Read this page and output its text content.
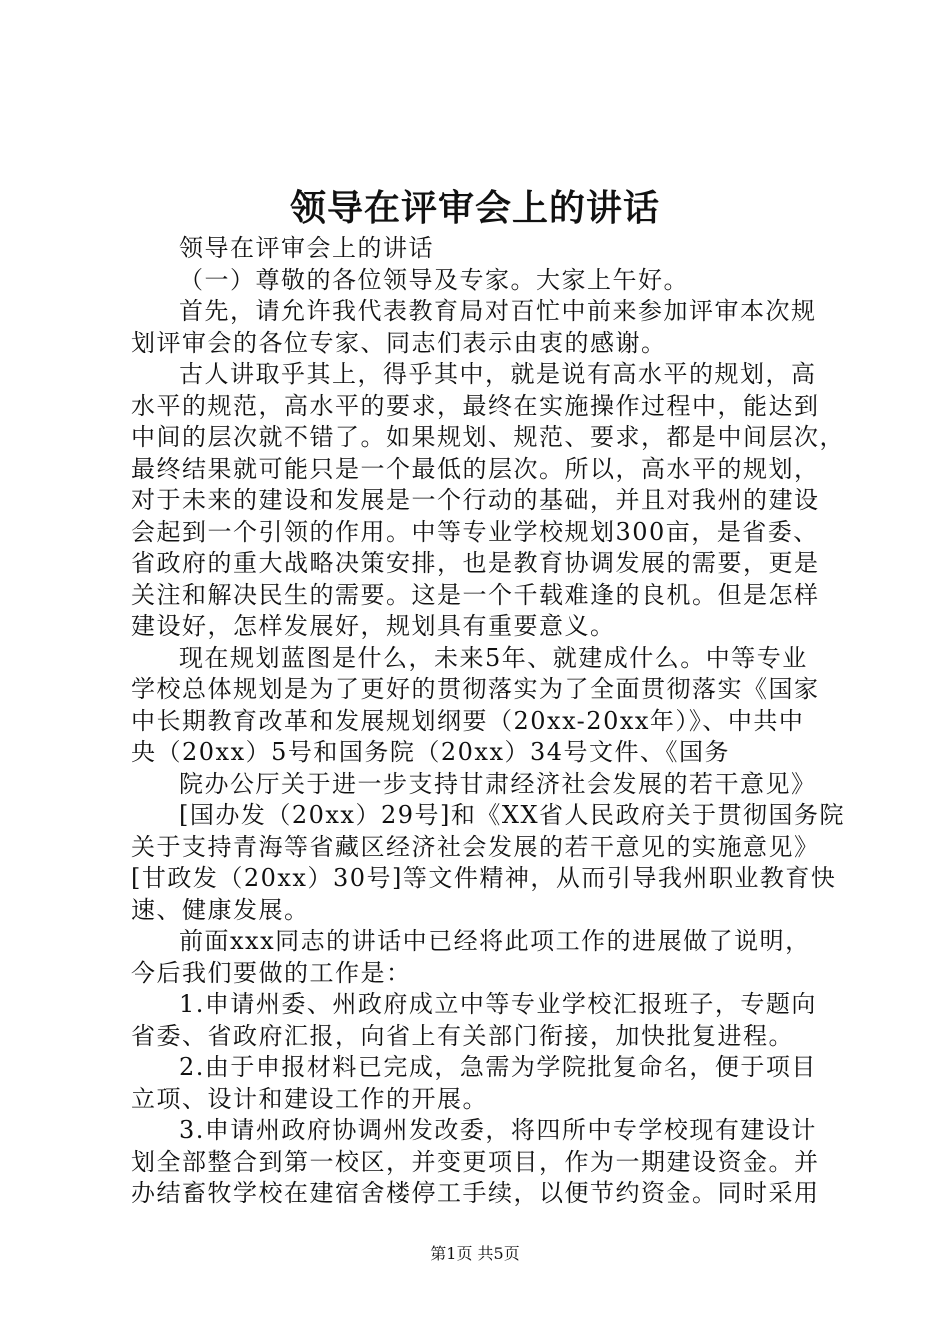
领导在评审会上的讲话
领导在评审会上的讲话
（一）尊敬的各位领导及专家。大家上午好。
首先，请允许我代表教育局对百忙中前来参加评审本次规
划评审会的各位专家、同志们表示由衷的感谢。
古人讲取乎其上，得乎其中，就是说有高水平的规划，高
水平的规范，高水平的要求，最终在实施操作过程中，能达到
中间的层次就不错了。如果规划、规范、要求，都是中间层次，
最终结果就可能只是一个最低的层次。所以，高水平的规划，
对于未来的建设和发展是一个行动的基础，并且对我州的建设
会起到一个引领的作用。中等专业学校规划300亩，是省委、
省政府的重大战略决策安排，也是教育协调发展的需要，更是
关注和解决民生的需要。这是一个千载难逢的良机。但是怎样
建设好，怎样发展好，规划具有重要意义。
现在规划蓝图是什么，未来5年、就建成什么。中等专业
学校总体规划是为了更好的贯彻落实为了全面贯彻落实《国家
中长期教育改革和发展规划纲要（20xx-20xx年）》、中共中
央（20xx）5号和国务院（20xx）34号文件、《国务
院办公厅关于进一步支持甘肃经济社会发展的若干意见》
[国办发（20xx）29号]和《XX省人民政府关于贯彻国务院
关于支持青海等省藏区经济社会发展的若干意见的实施意见》
[甘政发（20xx）30号]等文件精神，从而引导我州职业教育快
速、健康发展。
前面xxx同志的讲话中已经将此项工作的进展做了说明，
今后我们要做的工作是：
1.申请州委、州政府成立中等专业学校汇报班子，专题向
省委、省政府汇报，向省上有关部门衔接，加快批复进程。
2.由于申报材料已完成，急需为学院批复命名，便于项目
立项、设计和建设工作的开展。
3.申请州政府协调州发改委，将四所中专学校现有建设计
划全部整合到第一校区，并变更项目，作为一期建设资金。并
办结畜牧学校在建宿舍楼停工手续，以便节约资金。同时采用
第1页 共5页
